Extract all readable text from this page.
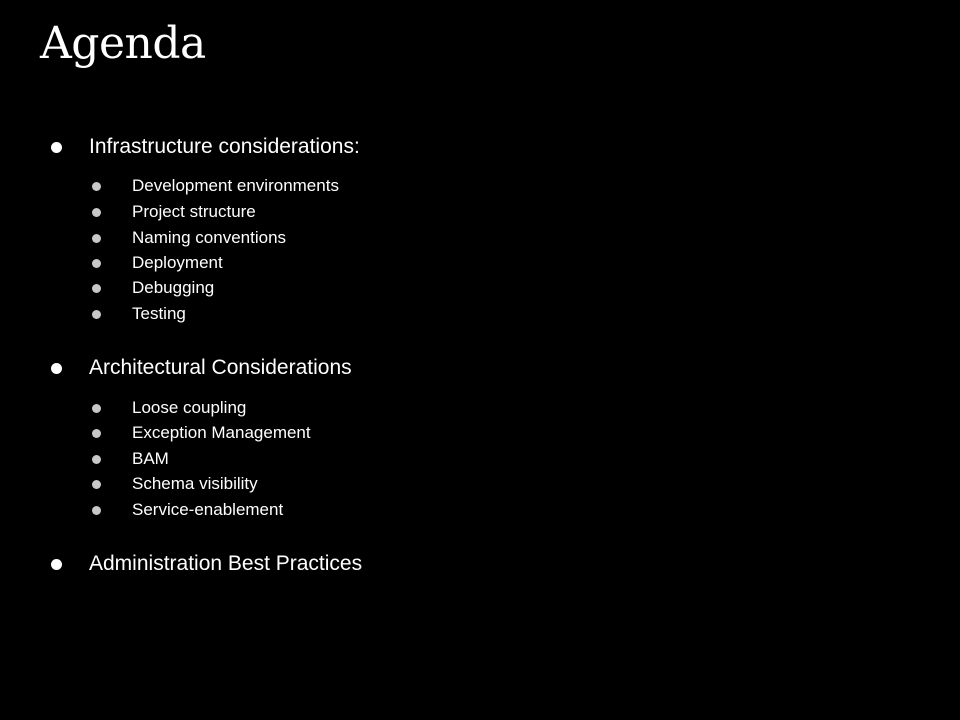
Agenda
Infrastructure considerations:
Development environments
Project structure
Naming conventions
Deployment
Debugging
Testing
Architectural Considerations
Loose coupling
Exception Management
BAM
Schema visibility
Service-enablement
Administration Best Practices
